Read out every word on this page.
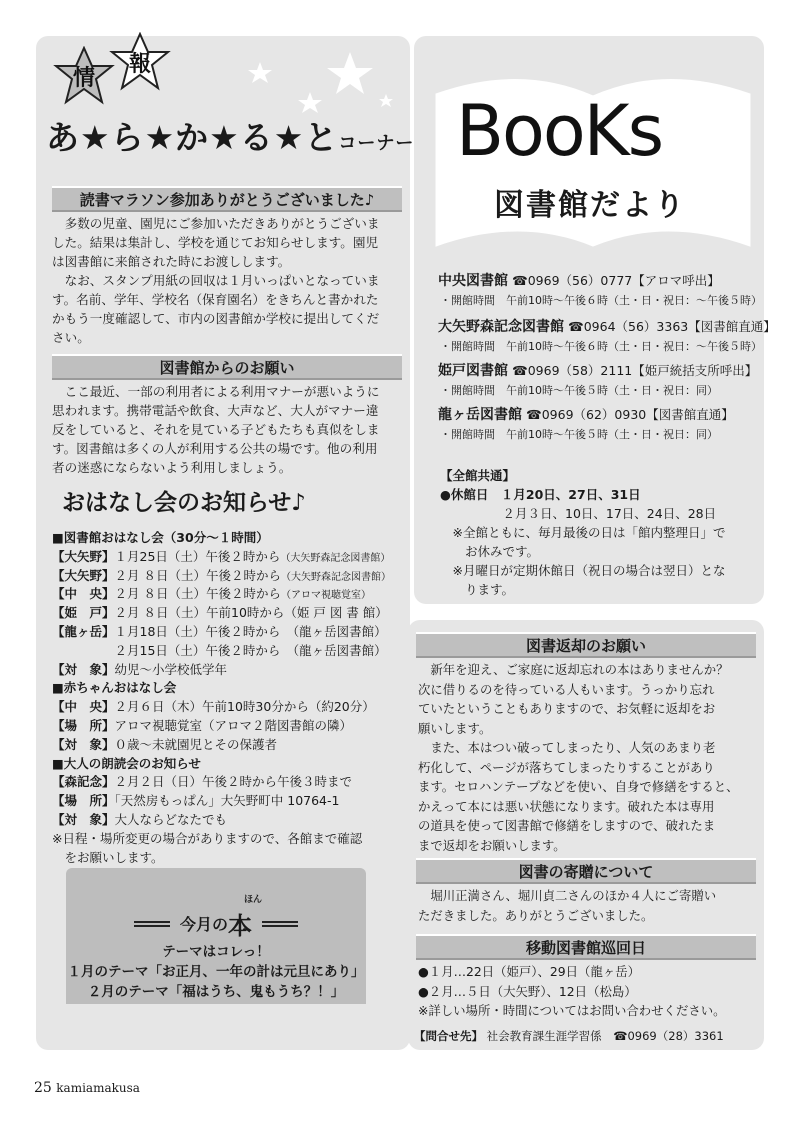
情
報
あ★ら★か★る★とコーナー
読書マラソン参加ありがとうございました♪
　多数の児童、園児にご参加いただきありがとうございま
した。結果は集計し、学校を通じてお知らせします。園児
は図書館に来館された時にお渡しします。
　なお、スタンプ用紙の回収は１月いっぱいとなっていま
す。名前、学年、学校名（保育園名）をきちんと書かれた
かもう一度確認して、市内の図書館か学校に提出してくだ
さい。
図書館からのお願い
　ここ最近、一部の利用者による利用マナーが悪いように
思われます。携帯電話や飲食、大声など、大人がマナー違
反をしていると、それを見ている子どもたちも真似をしま
す。図書館は多くの人が利用する公共の場です。他の利用
者の迷惑にならないよう利用しましょう。
おはなし会のお知らせ♪
■図書館おはなし会（30分～１時間）
【大矢野】１月25日（土）午後２時から（大矢野森記念図書館）
【大矢野】２月 ８日（土）午後２時から（大矢野森記念図書館）
【中　央】２月 ８日（土）午後２時から（アロマ視聴覚室）
【姫　戸】２月 ８日（土）午前10時から（姫 戸 図 書 館）
【龍ヶ岳】１月18日（土）午後２時から　（龍ヶ岳図書館）
　　　　　２月15日（土）午後２時から　（龍ヶ岳図書館）
【対　象】幼児～小学校低学年
■赤ちゃんおはなし会
【中　央】２月６日（木）午前10時30分から（約20分）
【場　所】アロマ視聴覚室（アロマ２階図書館の隣）
【対　象】０歳～未就園児とその保護者
■大人の朗読会のお知らせ
【森記念】２月２日（日）午後２時から午後３時まで
【場　所】「天然房もっぱん」大矢野町中 10764-1
【対　象】大人ならどなたでも
※日程・場所変更の場合がありますので、各館まで確認
　をお願いします。
ほん
今月の 本
テーマはコレっ！
１月のテーマ「お正月、一年の計は元旦にあり」
２月のテーマ「福はうち、鬼もうち？！」
BooKs
図書館だより
中央図書館 ☎0969（56）0777【アロマ呼出】
・開館時間　午前10時～午後６時（土・日・祝日：～午後５時）
大矢野森記念図書館 ☎0964（56）3363【図書館直通】
・開館時間　午前10時～午後６時（土・日・祝日：～午後５時）
姫戸図書館 ☎0969（58）2111【姫戸統括支所呼出】
・開館時間　午前10時～午後５時（土・日・祝日：同）
龍ヶ岳図書館 ☎0969（62）0930【図書館直通】
・開館時間　午前10時～午後５時（土・日・祝日：同）
【全館共通】
●休館日　１月20日、27日、31日
　　　　　２月３日、10日、17日、24日、28日
　※全館ともに、毎月最後の日は「館内整理日」で
　　お休みです。
　※月曜日が定期休館日（祝日の場合は翌日）とな
　　ります。
図書返却のお願い
　新年を迎え、ご家庭に返却忘れの本はありませんか？
次に借りるのを待っている人もいます。うっかり忘れ
ていたということもありますので、お気軽に返却をお
願いします。
　また、本はつい破ってしまったり、人気のあまり老
朽化して、ページが落ちてしまったりすることがあり
ます。セロハンテープなどを使い、自身で修繕をすると、
かえって本には悪い状態になります。破れた本は専用
の道具を使って図書館で修繕をしますので、破れたま
まで返却をお願いします。
図書の寄贈について
　堀川正満さん、堀川貞二さんのほか４人にご寄贈い
ただきました。ありがとうございました。
移動図書館巡回日
●１月…22日（姫戸）、29日（龍ヶ岳）
●２月…５日（大矢野）、12日（松島）
※詳しい場所・時間についてはお問い合わせください。
【問合せ先】 社会教育課生涯学習係　☎0969（28）3361
25 kamiamakusa
